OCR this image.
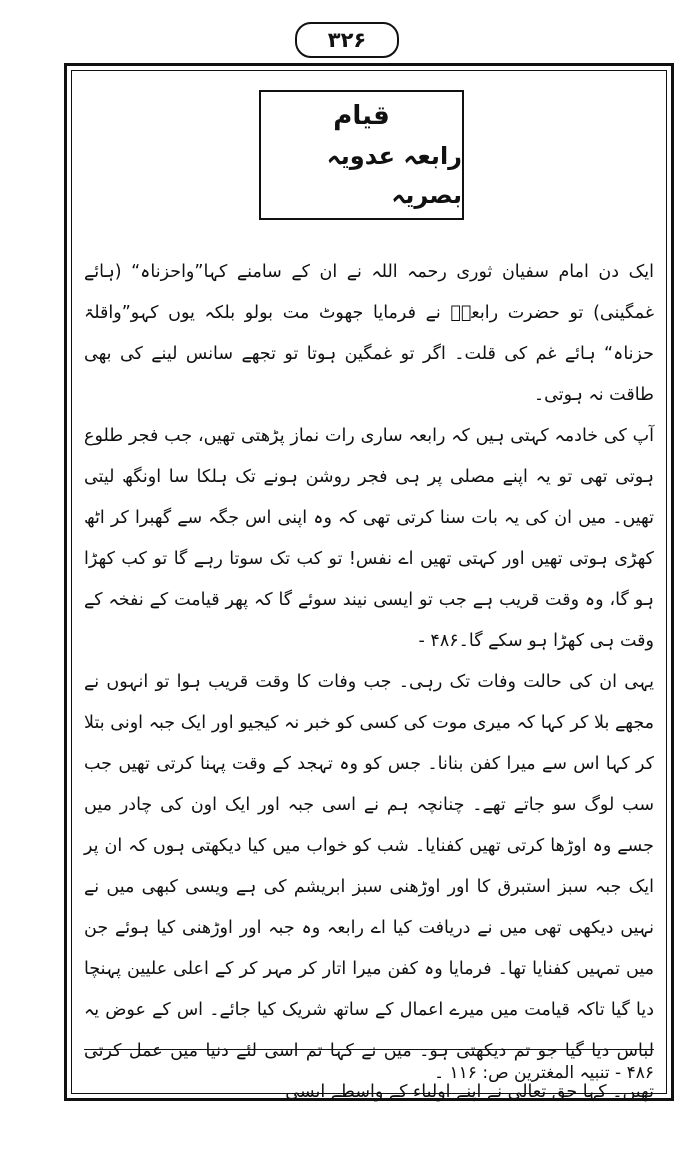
۳۲۶
قیام
رابعہ عدویہ بصریہ

ایک دن امام سفیان ثوری رحمہ اللہ نے ان کے سامنے کہا”واحزناہ“ (ہائے غمگینی) تو حضرت رابعہؒ نے فرمایا جھوٹ مت بولو بلکہ یوں کہو”واقلۃ حزناہ“ ہائے غم کی قلت۔ اگر تو غمگین ہوتا تو تجھے سانس لینے کی بھی طاقت نہ ہوتی۔

آپ کی خادمہ کہتی ہیں کہ رابعہ ساری رات نماز پڑھتی تھیں، جب فجر طلوع ہوتی تھی تو یہ اپنے مصلی پر ہی فجر روشن ہونے تک ہلکا سا اونگھ لیتی تھیں۔ میں ان کی یہ بات سنا کرتی تھی کہ وہ اپنی اس جگہ سے گھبرا کر اٹھ کھڑی ہوتی تھیں اور کہتی تھیں اے نفس! تو کب تک سوتا رہے گا تو کب کھڑا ہو گا، وہ وقت قریب ہے جب تو ایسی نیند سوئے گا کہ پھر قیامت کے نفخہ کے وقت ہی کھڑا ہو سکے گا۔۴۸۶ -

یہی ان کی حالت وفات تک رہی۔ جب وفات کا وقت قریب ہوا تو انہوں نے مجھے بلا کر کہا کہ میری موت کی کسی کو خبر نہ کیجیو اور ایک جبہ اونی بتلا کر کہا اس سے میرا کفن بنانا۔ جس کو وہ تہجد کے وقت پہنا کرتی تھیں جب سب لوگ سو جاتے تھے۔ چنانچہ ہم نے اسی جبہ اور ایک اون کی چادر میں جسے وہ اوڑھا کرتی تھیں کفنایا۔ شب کو خواب میں کیا دیکھتی ہوں کہ ان پر ایک جبہ سبز استبرق کا اور اوڑھنی سبز ابریشم کی ہے ویسی کبھی میں نے نہیں دیکھی تھی میں نے دریافت کیا اے رابعہ وہ جبہ اور اوڑھنی کیا ہوئے جن میں تمہیں کفنایا تھا۔ فرمایا وہ کفن میرا اتار کر مہر کر کے اعلی علیین پہنچا دیا گیا تاکہ قیامت میں میرے اعمال کے ساتھ شریک کیا جائے۔ اس کے عوض یہ لباس دیا گیا جو تم دیکھتی ہو۔ میں نے کہا تم اسی لئے دنیا میں عمل کرتی تھیں۔ کہا حق تعالی نے اپنے اولیاء کے واسطے ایسی

۴۸۶ - تنبیہ المغترین ص: ۱۱۶ ۔
